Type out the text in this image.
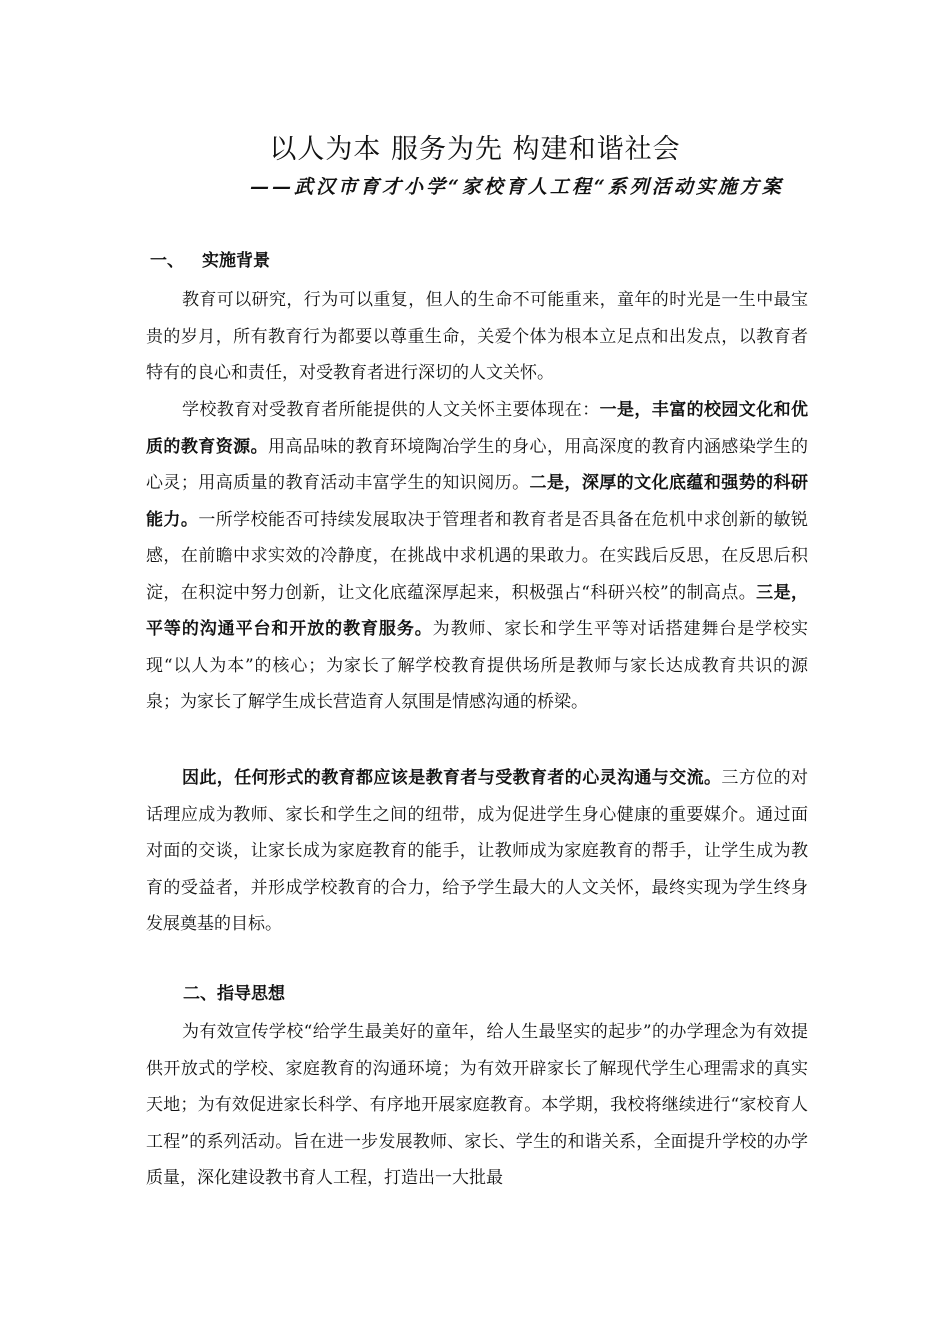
以人为本 服务为先 构建和谐社会
——武汉市育才小学“家校育人工程“系列活动实施方案
一、 实施背景

教育可以研究，行为可以重复，但人的生命不可能重来，童年的时光是一生中最宝贵的岁月，所有教育行为都要以尊重生命，关爱个体为根本立足点和出发点，以教育者特有的良心和责任，对受教育者进行深切的人文关怀。

学校教育对受教育者所能提供的人文关怀主要体现在：一是，丰富的校园文化和优质的教育资源。用高品味的教育环境陶冶学生的身心，用高深度的教育内涵感染学生的心灵；用高质量的教育活动丰富学生的知识阅历。二是，深厚的文化底蕴和强势的科研能力。一所学校能否可持续发展取决于管理者和教育者是否具备在危机中求创新的敏锐感，在前瞻中求实效的冷静度，在挑战中求机遇的果敢力。在实践后反思，在反思后积淀，在积淀中努力创新，让文化底蕴深厚起来，积极强占“科研兴校”的制高点。三是，平等的沟通平台和开放的教育服务。为教师、家长和学生平等对话搭建舞台是学校实现“以人为本”的核心；为家长了解学校教育提供场所是教师与家长达成教育共识的源泉；为家长了解学生成长营造育人氛围是情感沟通的桥梁。

因此，任何形式的教育都应该是教育者与受教育者的心灵沟通与交流。三方位的对话理应成为教师、家长和学生之间的纽带，成为促进学生身心健康的重要媒介。通过面对面的交谈，让家长成为家庭教育的能手，让教师成为家庭教育的帮手，让学生成为教育的受益者，并形成学校教育的合力，给予学生最大的人文关怀，最终实现为学生终身发展奠基的目标。

二、指导思想

为有效宣传学校“给学生最美好的童年，给人生最坚实的起步”的办学理念为有效提供开放式的学校、家庭教育的沟通环境；为有效开辟家长了解现代学生心理需求的真实天地；为有效促进家长科学、有序地开展家庭教育。本学期，我校将继续进行“家校育人工程”的系列活动。旨在进一步发展教师、家长、学生的和谐关系，全面提升学校的办学质量，深化建设教书育人工程，打造出一大批最
